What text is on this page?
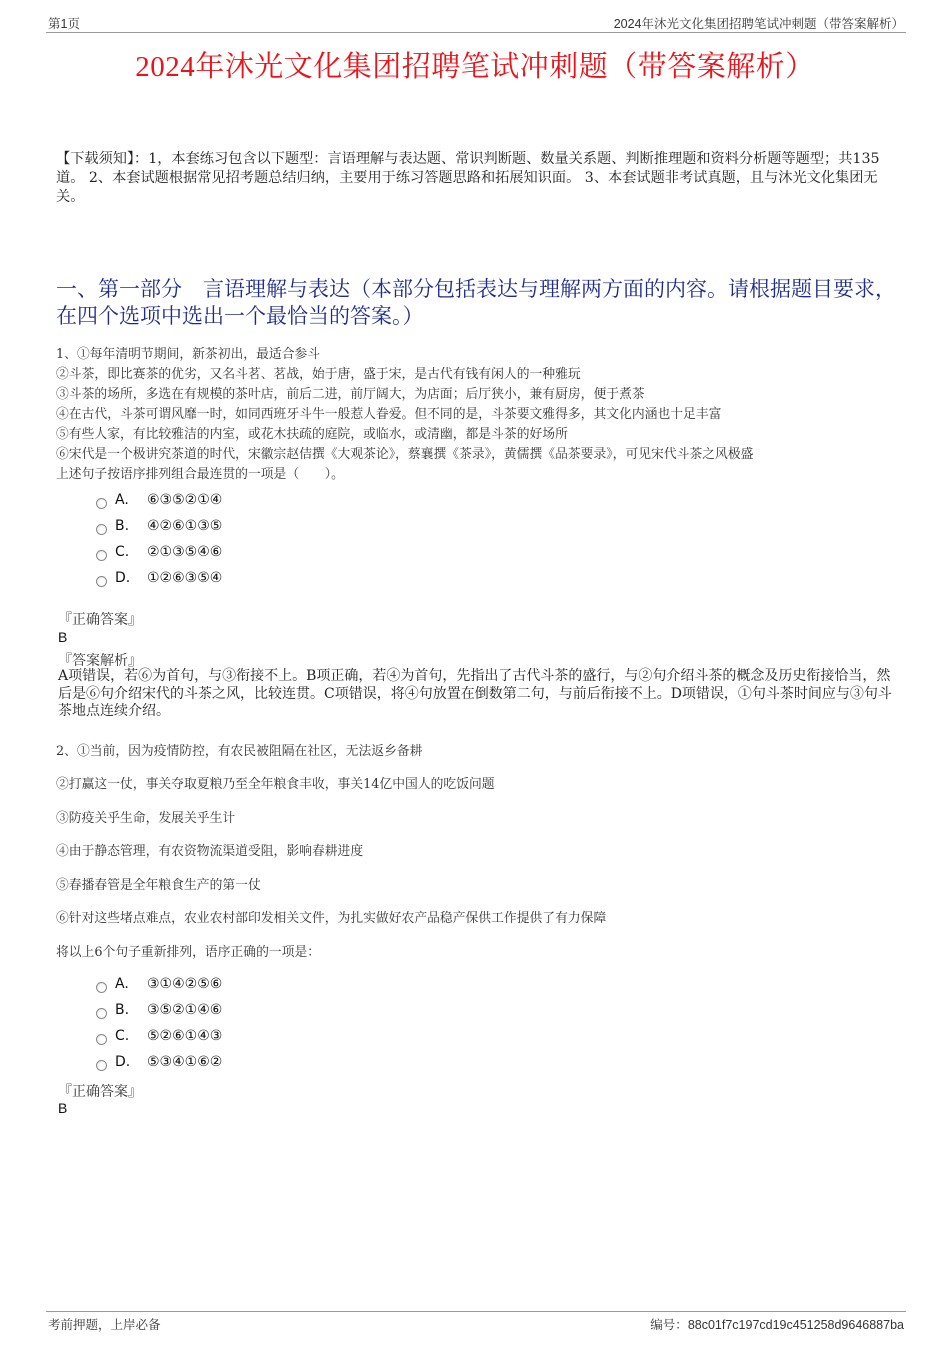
第1页	2024年沐光文化集团招聘笔试冲刺题（带答案解析）
2024年沐光文化集团招聘笔试冲刺题（带答案解析）
【下载须知】：1，本套练习包含以下题型：言语理解与表达题、常识判断题、数量关系题、判断推理题和资料分析题等题型；共135道。 2、本套试题根据常见招考题总结归纳，主要用于练习答题思路和拓展知识面。 3、本套试题非考试真题，且与沐光文化集团无关。
一、第一部分　言语理解与表达（本部分包括表达与理解两方面的内容。请根据题目要求，在四个选项中选出一个最恰当的答案。）
1、①每年清明节期间，新茶初出，最适合参斗
②斗茶，即比赛茶的优劣，又名斗茗、茗战，始于唐，盛于宋，是古代有钱有闲人的一种雅玩
③斗茶的场所，多选在有规模的茶叶店，前后二进，前厅阔大，为店面；后厅狭小，兼有厨房，便于煮茶
④在古代，斗茶可谓风靡一时，如同西班牙斗牛一般惹人眷爱。但不同的是，斗茶要文雅得多，其文化内涵也十足丰富
⑤有些人家，有比较雅洁的内室，或花木扶疏的庭院，或临水，或清幽，都是斗茶的好场所
⑥宋代是一个极讲究茶道的时代，宋徽宗赵佶撰《大观茶论》，蔡襄撰《茶录》，黄儒撰《品茶要录》，可见宋代斗茶之风极盛
上述句子按语序排列组合最连贯的一项是（　　）。
A.	⑥③⑤②①④
B.	④②⑥①③⑤
C.	②①③⑤④⑥
D.	①②⑥③⑤④
『正确答案』
B
『答案解析』
A项错误，若⑥为首句，与③衔接不上。B项正确，若④为首句，先指出了古代斗茶的盛行，与②句介绍斗茶的概念及历史衔接恰当，然后是⑥句介绍宋代的斗茶之风，比较连贯。C项错误，将④句放置在倒数第二句，与前后衔接不上。D项错误，①句斗茶时间应与③句斗茶地点连续介绍。
2、①当前，因为疫情防控，有农民被阻隔在社区，无法返乡备耕
②打赢这一仗，事关夺取夏粮乃至全年粮食丰收，事关14亿中国人的吃饭问题
③防疫关乎生命，发展关乎生计
④由于静态管理，有农资物流渠道受阻，影响春耕进度
⑤春播春管是全年粮食生产的第一仗
⑥针对这些堵点难点，农业农村部印发相关文件，为扎实做好农产品稳产保供工作提供了有力保障
将以上6个句子重新排列，语序正确的一项是：
A.	③①④②⑤⑥
B.	③⑤②①④⑥
C.	⑤②⑥①④③
D.	⑤③④①⑥②
『正确答案』
B
考前押题，上岸必备	编号：88c01f7c197cd19c451258d9646887ba
